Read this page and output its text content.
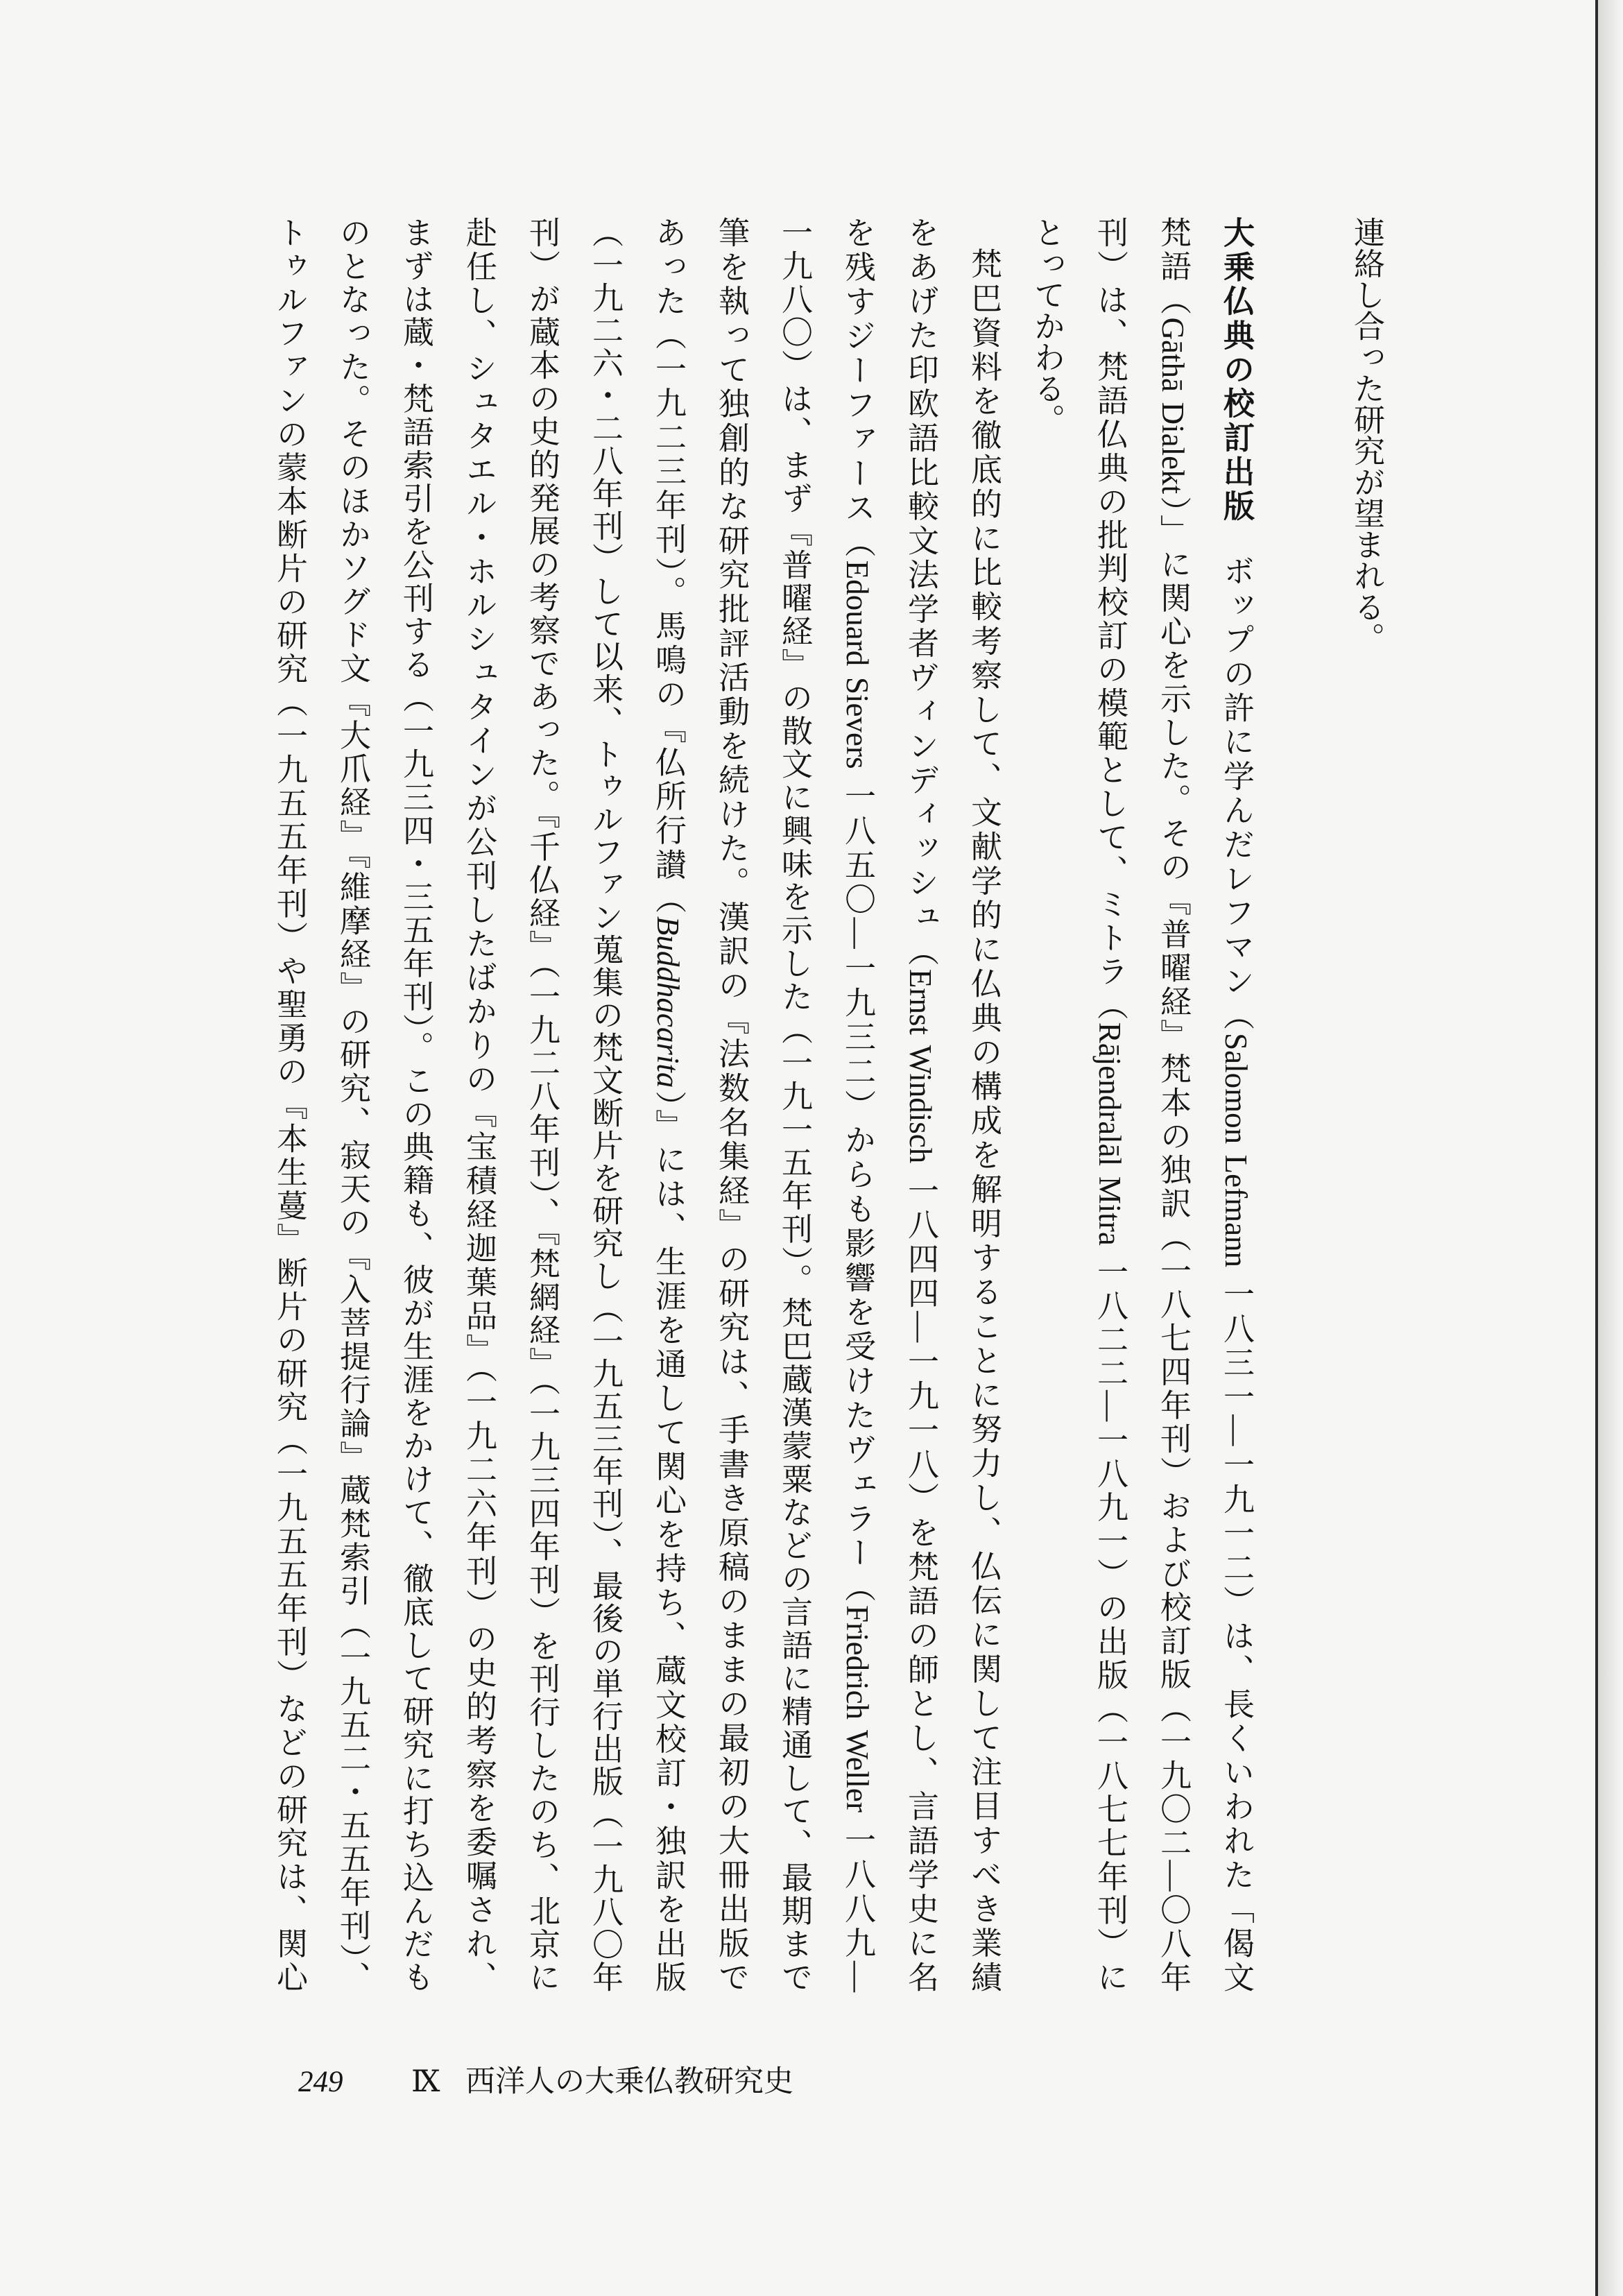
連絡し合った研究が望まれる。
大乗仏典の校訂出版ボップの許に学んだレフマン（Salomon Lefmann 一八三一—一九一二）は、長くいわれた「偈文
梵語（Gāthā Dialekt）」に関心を示した。その『普曜経』梵本の独訳（一八七四年刊）および校訂版（一九〇二—〇八年
刊）は、梵語仏典の批判校訂の模範として、ミトラ（Rājendralāl Mitra 一八二二—一八九一）の出版（一八七七年刊）に
とってかわる。
梵巴資料を徹底的に比較考察して、文献学的に仏典の構成を解明することに努力し、仏伝に関して注目すべき業績
をあげた印欧語比較文法学者ヴィンディッシュ（Ernst Windisch 一八四四—一九一八）を梵語の師とし、言語学史に名
を残すジーファース（Edouard Sievers 一八五〇—一九三二）からも影響を受けたヴェラー（Friedrich Weller 一八八九—
一九八〇）は、まず『普曜経』の散文に興味を示した（一九一五年刊）。梵巴蔵漢蒙粟などの言語に精通して、最期まで
筆を執って独創的な研究批評活動を続けた。漢訳の『法数名集経』の研究は、手書き原稿のままの最初の大冊出版で
あった（一九二三年刊）。馬鳴の『仏所行讃（Buddhacarita）』には、生涯を通して関心を持ち、蔵文校訂・独訳を出版
（一九二六・二八年刊）して以来、トゥルファン蒐集の梵文断片を研究し（一九五三年刊）、最後の単行出版（一九八〇年
刊）が蔵本の史的発展の考察であった。『千仏経』（一九二八年刊）、『梵網経』（一九三四年刊）を刊行したのち、北京に
赴任し、シュタエル・ホルシュタインが公刊したばかりの『宝積経迦葉品』（一九二六年刊）の史的考察を委嘱され、
まずは蔵・梵語索引を公刊する（一九三四・三五年刊）。この典籍も、彼が生涯をかけて、徹底して研究に打ち込んだも
のとなった。そのほかソグド文『大爪経』『維摩経』の研究、寂天の『入菩提行論』蔵梵索引（一九五二・五五年刊）、
トゥルファンの蒙本断片の研究（一九五五年刊）や聖勇の『本生蔓』断片の研究（一九五五年刊）などの研究は、関心
249 Ⅸ 西洋人の大乗仏教研究史
